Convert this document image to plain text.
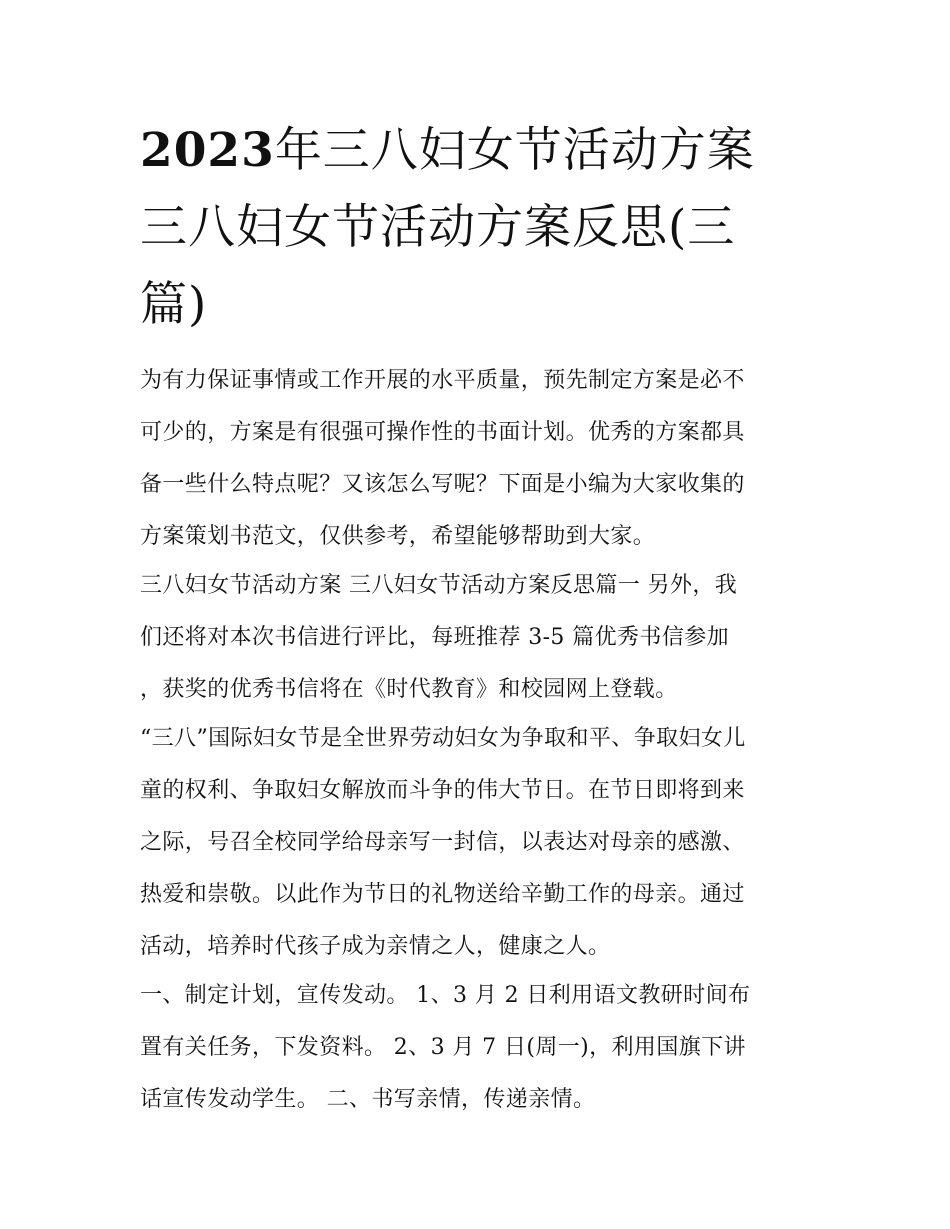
2023年三八妇女节活动方案
三八妇女节活动方案反思(三
篇)

为有力保证事情或工作开展的水平质量，预先制定方案是必不
可少的，方案是有很强可操作性的书面计划。优秀的方案都具
备一些什么特点呢？又该怎么写呢？下面是小编为大家收集的
方案策划书范文，仅供参考，希望能够帮助到大家。

三八妇女节活动方案 三八妇女节活动方案反思篇一 另外，我
们还将对本次书信进行评比，每班推荐 3-5 篇优秀书信参加
，获奖的优秀书信将在《时代教育》和校园网上登载。

“三八”国际妇女节是全世界劳动妇女为争取和平、争取妇女儿
童的权利、争取妇女解放而斗争的伟大节日。在节日即将到来
之际，号召全校同学给母亲写一封信，以表达对母亲的感激、
热爱和崇敬。以此作为节日的礼物送给辛勤工作的母亲。通过
活动，培养时代孩子成为亲情之人，健康之人。

一、制定计划，宣传发动。 1、3 月 2 日利用语文教研时间布
置有关任务，下发资料。 2、3 月 7 日(周一)，利用国旗下讲
话宣传发动学生。 二、书写亲情，传递亲情。
